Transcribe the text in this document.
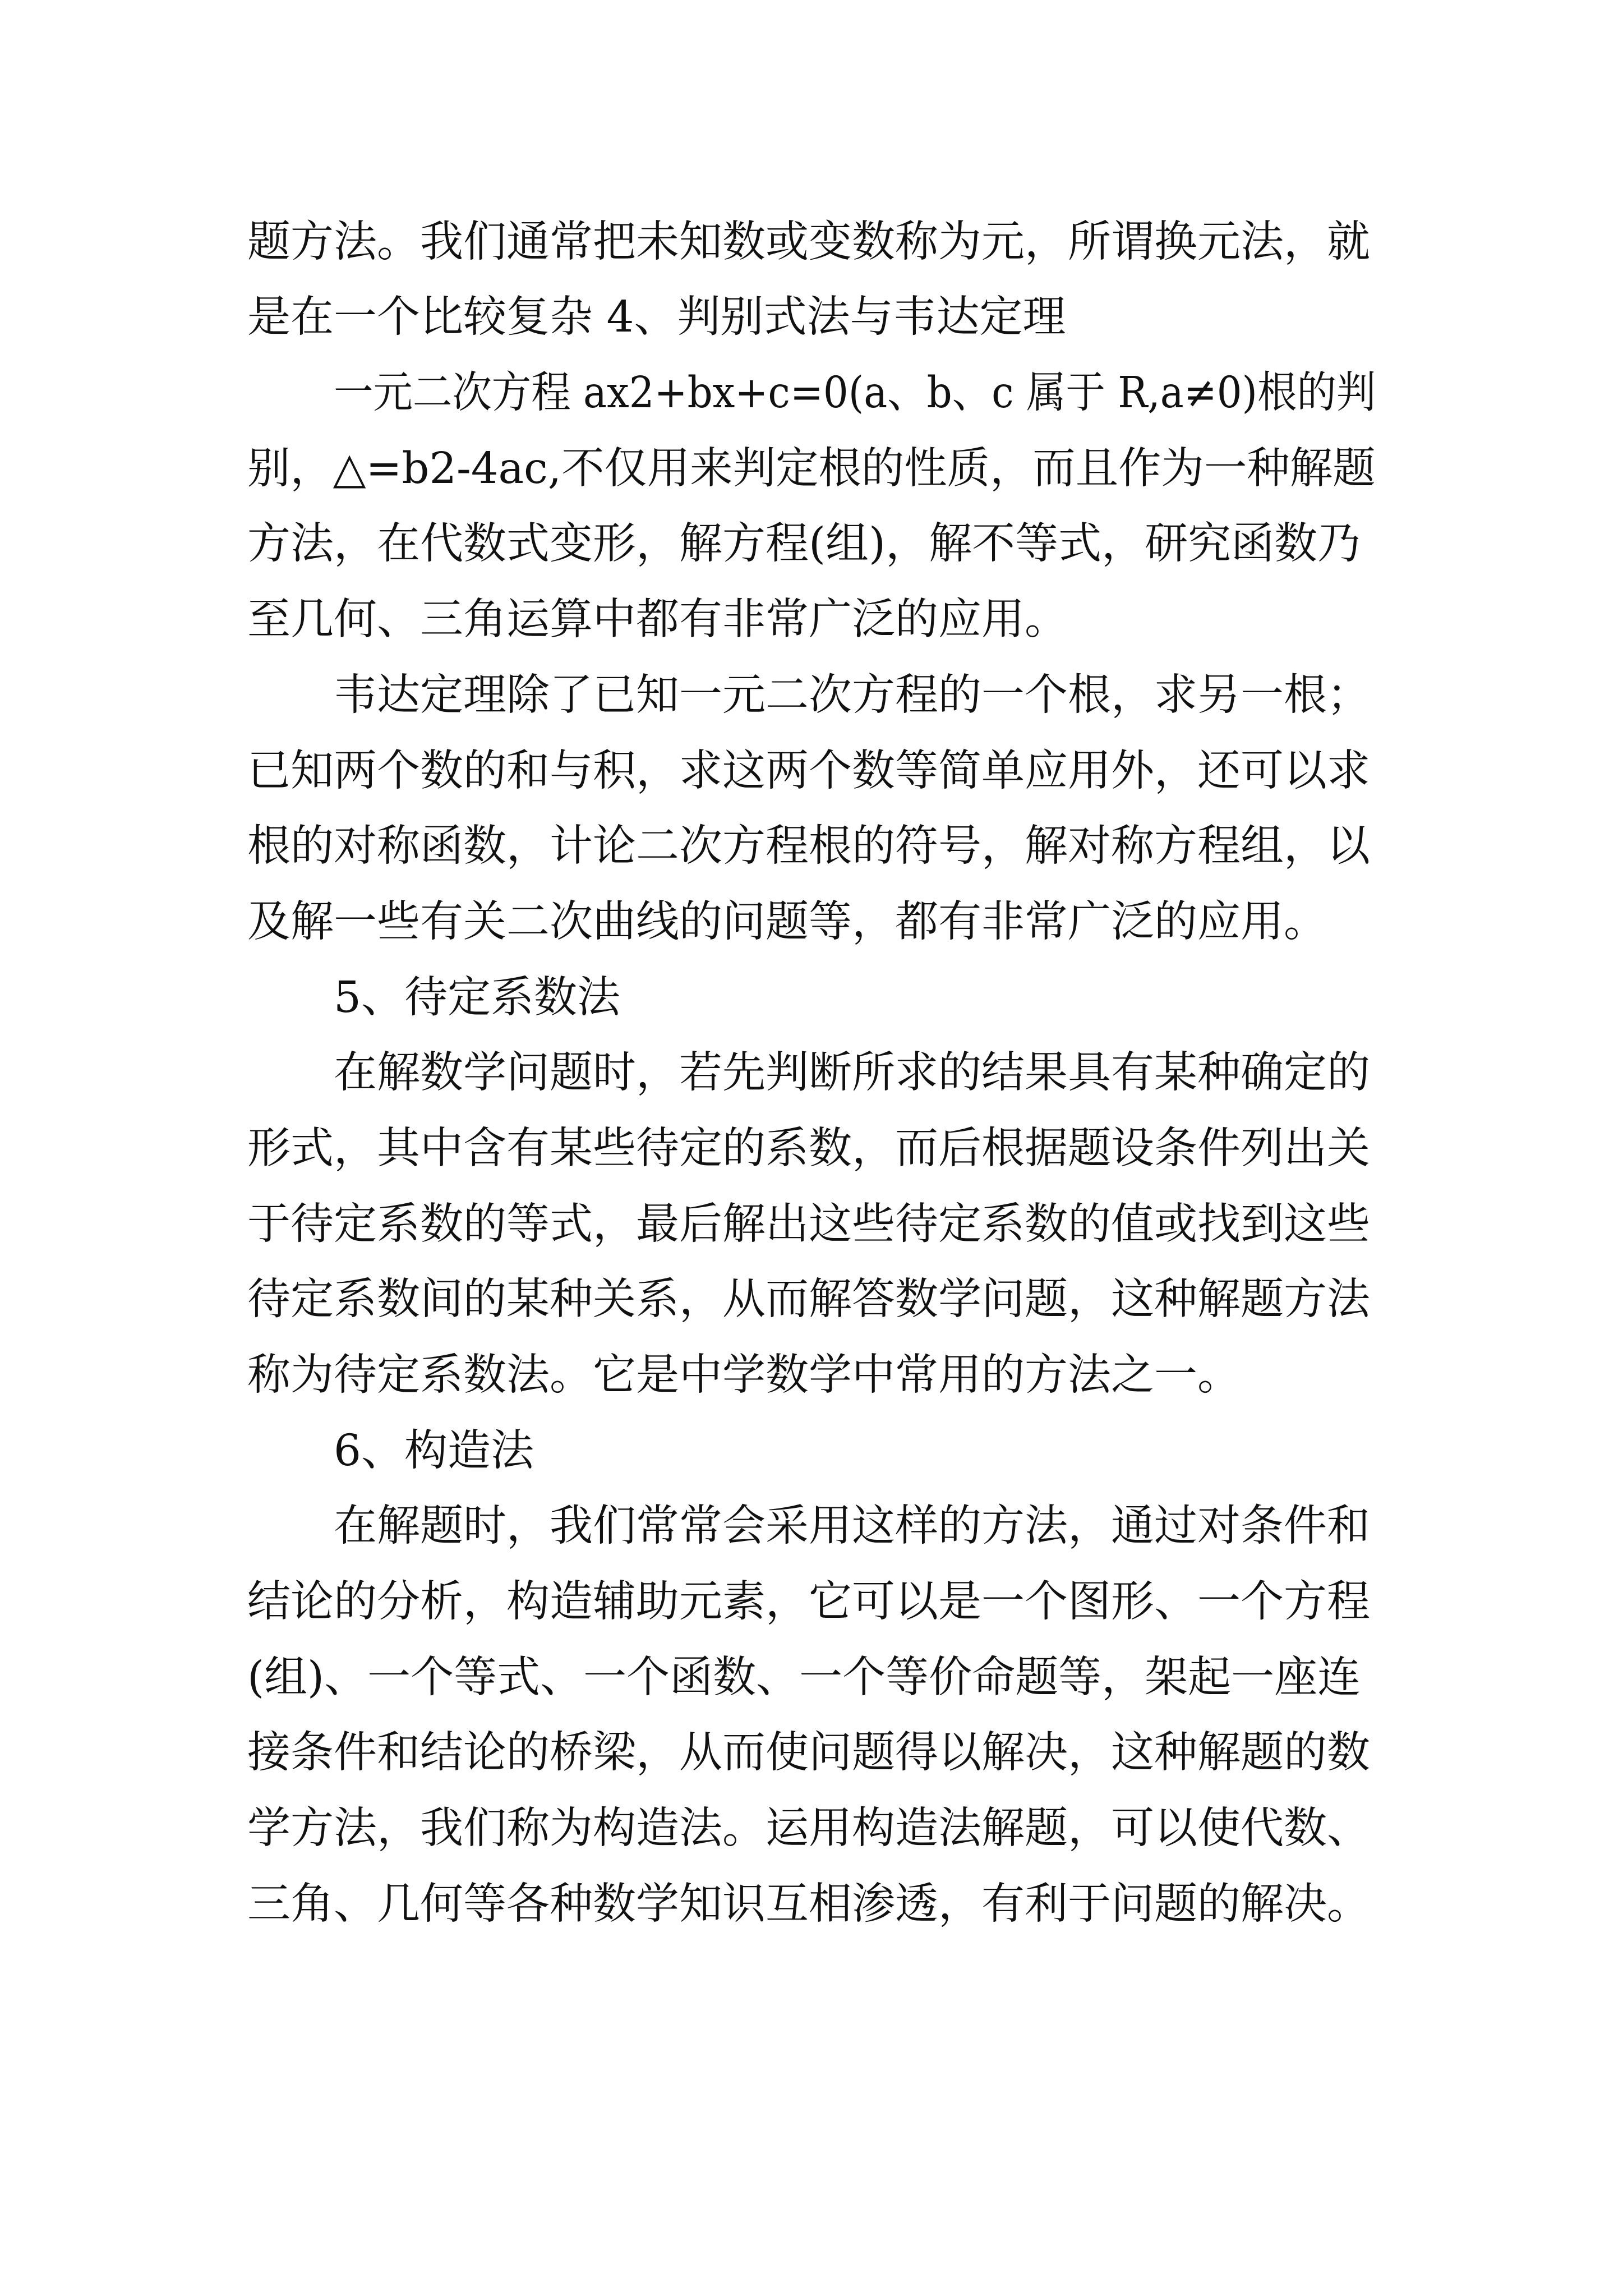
题方法。我们通常把未知数或变数称为元，所谓换元法，就
是在一个比较复杂 4、判别式法与韦达定理
一元二次方程 ax2+bx+c=0(a、b、c 属于 R,a≠0)根的判
别，△=b2-4ac,不仅用来判定根的性质，而且作为一种解题
方法，在代数式变形，解方程(组)，解不等式，研究函数乃
至几何、三角运算中都有非常广泛的应用。
韦达定理除了已知一元二次方程的一个根，求另一根；
已知两个数的和与积，求这两个数等简单应用外，还可以求
根的对称函数，计论二次方程根的符号，解对称方程组，以
及解一些有关二次曲线的问题等，都有非常广泛的应用。
5、待定系数法
在解数学问题时，若先判断所求的结果具有某种确定的
形式，其中含有某些待定的系数，而后根据题设条件列出关
于待定系数的等式，最后解出这些待定系数的值或找到这些
待定系数间的某种关系，从而解答数学问题，这种解题方法
称为待定系数法。它是中学数学中常用的方法之一。
6、构造法
在解题时，我们常常会采用这样的方法，通过对条件和
结论的分析，构造辅助元素，它可以是一个图形、一个方程
(组)、一个等式、一个函数、一个等价命题等，架起一座连
接条件和结论的桥梁，从而使问题得以解决，这种解题的数
学方法，我们称为构造法。运用构造法解题，可以使代数、
三角、几何等各种数学知识互相渗透，有利于问题的解决。
